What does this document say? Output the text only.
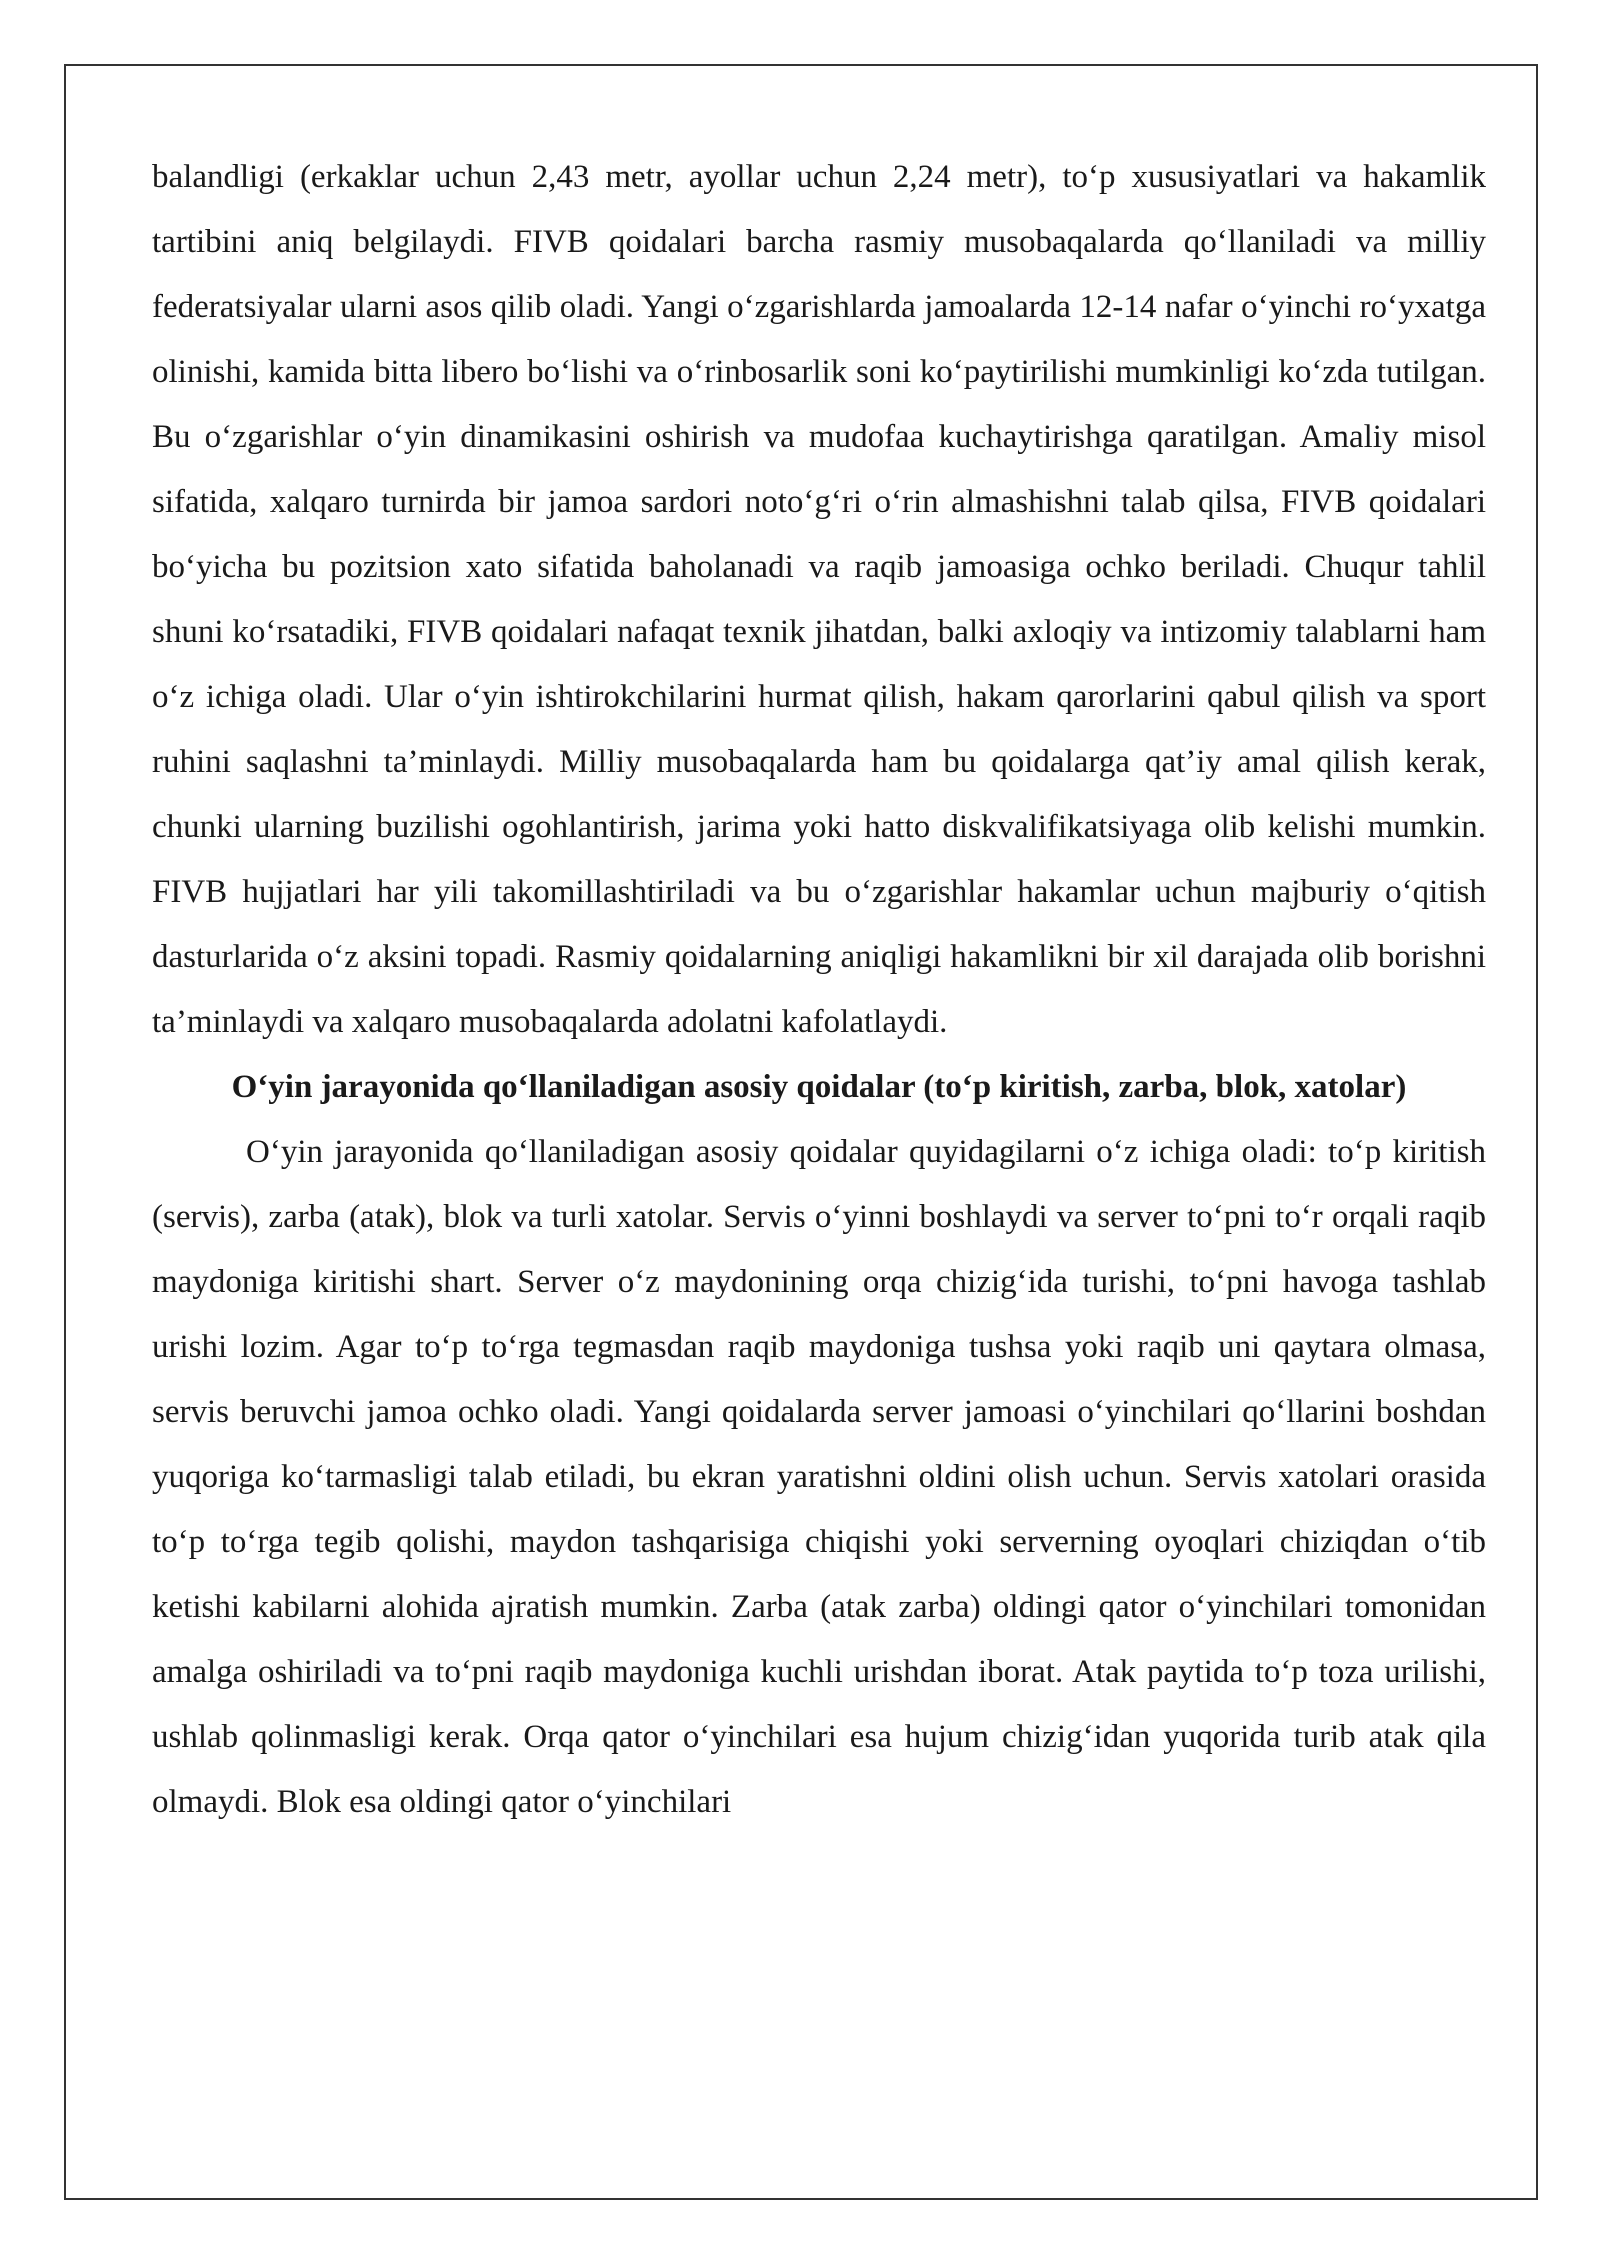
balandligi (erkaklar uchun 2,43 metr, ayollar uchun 2,24 metr), to‘p xususiyatlari va hakamlik tartibini aniq belgilaydi. FIVB qoidalari barcha rasmiy musobaqalarda qo‘llaniladi va milliy federatsiyalar ularni asos qilib oladi. Yangi o‘zgarishlarda jamoalarda 12-14 nafar o‘yinchi ro‘yxatga olinishi, kamida bitta libero bo‘lishi va o‘rinbosarlik soni ko‘paytirilishi mumkinligi ko‘zda tutilgan. Bu o‘zgarishlar o‘yin dinamikasini oshirish va mudofaa kuchaytirishga qaratilgan. Amaliy misol sifatida, xalqaro turnirda bir jamoa sardori noto‘g‘ri o‘rin almashishni talab qilsa, FIVB qoidalari bo‘yicha bu pozitsion xato sifatida baholanadi va raqib jamoasiga ochko beriladi. Chuqur tahlil shuni ko‘rsatadiki, FIVB qoidalari nafaqat texnik jihatdan, balki axloqiy va intizomiy talablarni ham o‘z ichiga oladi. Ular o‘yin ishtirokchilarini hurmat qilish, hakam qarorlarini qabul qilish va sport ruhini saqlashni ta’minlaydi. Milliy musobaqalarda ham bu qoidalarga qat’iy amal qilish kerak, chunki ularning buzilishi ogohlantirish, jarima yoki hatto diskvalifikatsiyaga olib kelishi mumkin. FIVB hujjatlari har yili takomillashtiriladi va bu o‘zgarishlar hakamlar uchun majburiy o‘qitish dasturlarida o‘z aksini topadi. Rasmiy qoidalarning aniqligi hakamlikni bir xil darajada olib borishni ta’minlaydi va xalqaro musobaqalarda adolatni kafolatlaydi.

O‘yin jarayonida qo‘llaniladigan asosiy qoidalar (to‘p kiritish, zarba, blok, xatolar)

O‘yin jarayonida qo‘llaniladigan asosiy qoidalar quyidagilarni o‘z ichiga oladi: to‘p kiritish (servis), zarba (atak), blok va turli xatolar. Servis o‘yinni boshlaydi va server to‘pni to‘r orqali raqib maydoniga kiritishi shart. Server o‘z maydonining orqa chizig‘ida turishi, to‘pni havoga tashlab urishi lozim. Agar to‘p to‘rga tegmasdan raqib maydoniga tushsa yoki raqib uni qaytara olmasa, servis beruvchi jamoa ochko oladi. Yangi qoidalarda server jamoasi o‘yinchilari qo‘llarini boshdan yuqoriga ko‘tarmasligi talab etiladi, bu ekran yaratishni oldini olish uchun. Servis xatolari orasida to‘p to‘rga tegib qolishi, maydon tashqarisiga chiqishi yoki serverning oyoqlari chiziqdan o‘tib ketishi kabilarni alohida ajratish mumkin. Zarba (atak zarba) oldingi qator o‘yinchilari tomonidan amalga oshiriladi va to‘pni raqib maydoniga kuchli urishdan iborat. Atak paytida to‘p toza urilishi, ushlab qolinmasligi kerak. Orqa qator o‘yinchilari esa hujum chizig‘idan yuqorida turib atak qila olmaydi. Blok esa oldingi qator o‘yinchilari
